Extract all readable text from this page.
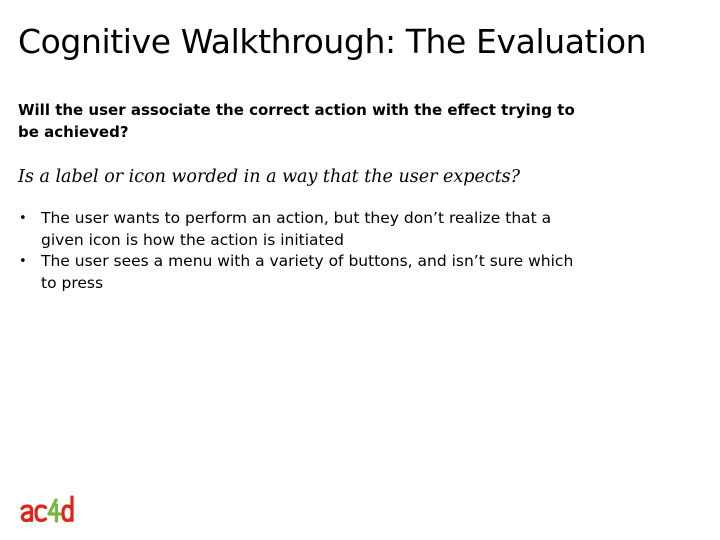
Cognitive Walkthrough: The Evaluation

Will the user associate the correct action with the effect trying to be achieved?

Is a label or icon worded in a way that the user expects?

• The user wants to perform an action, but they don’t realize that a given icon is how the action is initiated
• The user sees a menu with a variety of buttons, and isn’t sure which to press
